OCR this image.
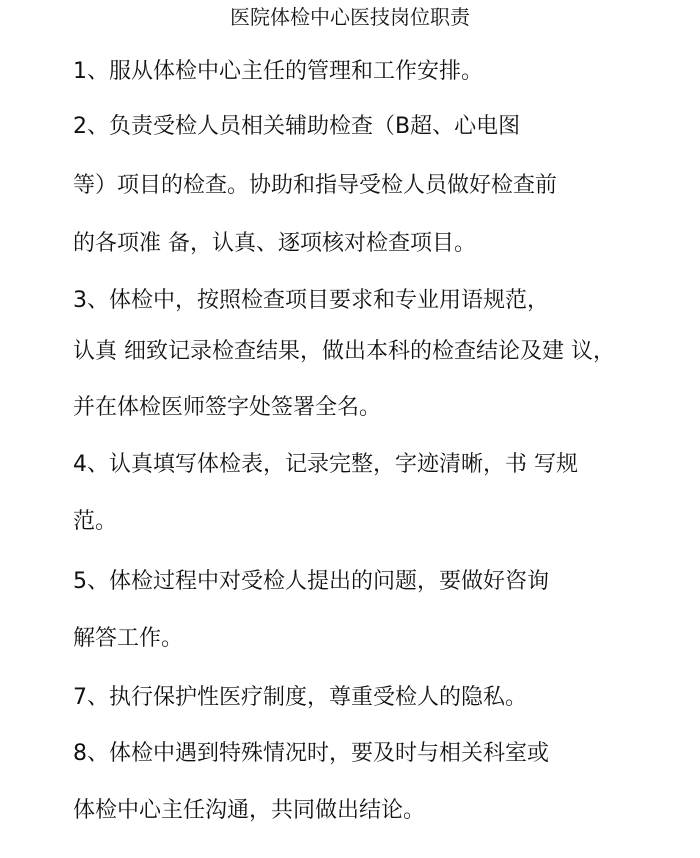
医院体检中心医技岗位职责
1、服从体检中心主任的管理和工作安排。
2、负责受检人员相关辅助检查（B超、心电图
等）项目的检查。协助和指导受检人员做好检查前
的各项准 备，认真、逐项核对检查项目。
3、体检中，按照检查项目要求和专业用语规范，
认真 细致记录检查结果，做出本科的检查结论及建 议，
并在体检医师签字处签署全名。
4、认真填写体检表，记录完整，字迹清晰，书 写规
范。
5、体检过程中对受检人提出的问题，要做好咨询
解答工作。
7、执行保护性医疗制度，尊重受检人的隐私。
8、体检中遇到特殊情况时，要及时与相关科室或
体检中心主任沟通，共同做出结论。
